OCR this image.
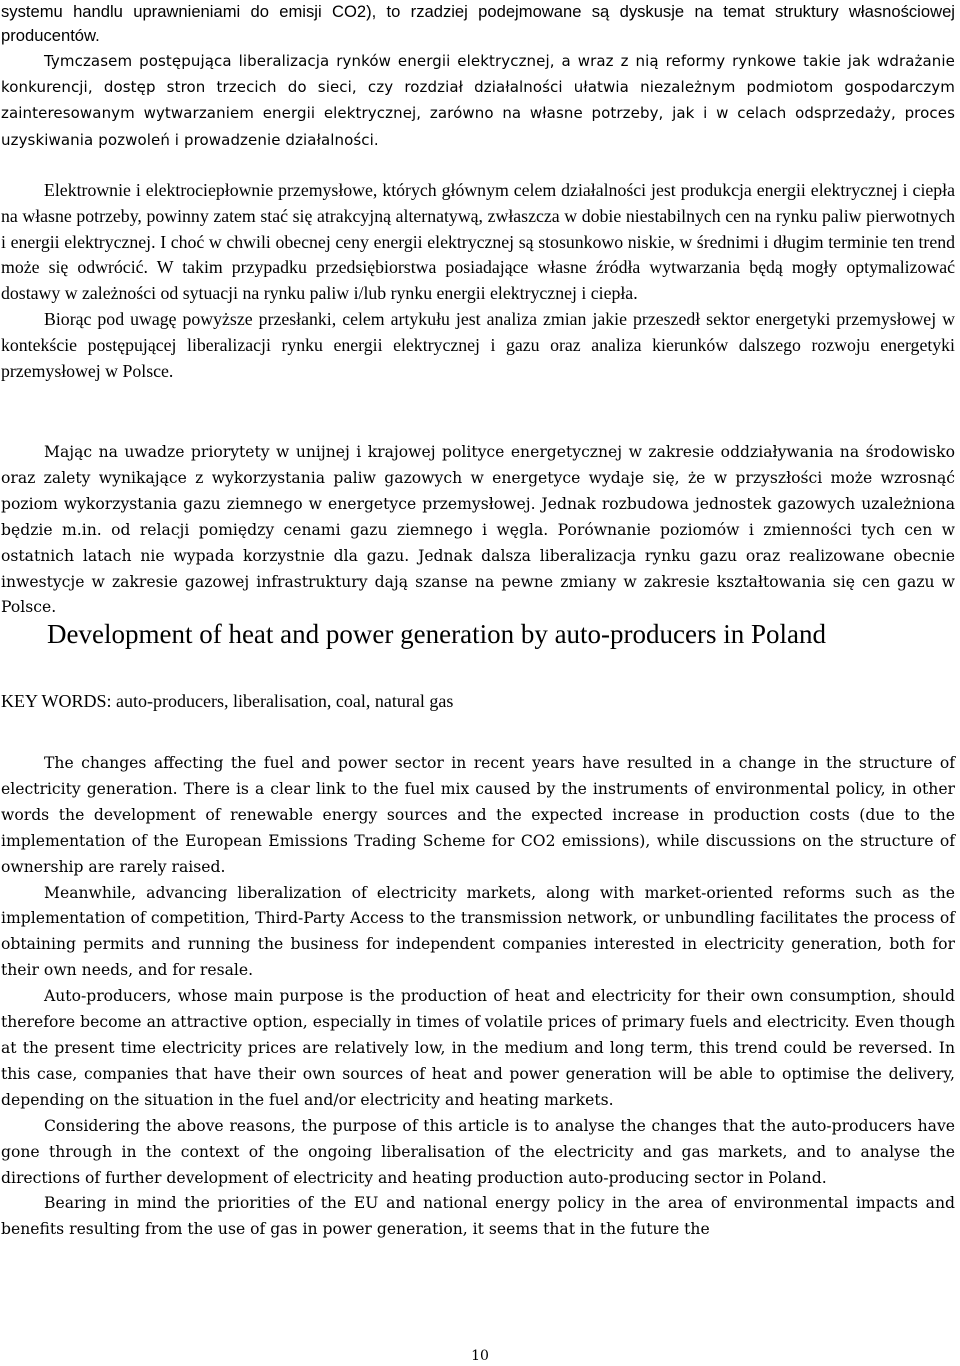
systemu handlu uprawnieniami do emisji CO2), to rzadziej podejmowane są dyskusje na temat struktury własnościowej producentów.

Tymczasem postępująca liberalizacja rynków energii elektrycznej, a wraz z nią reformy rynkowe takie jak wdrażanie konkurencji, dostęp stron trzecich do sieci, czy rozdział działalności ułatwia niezależnym podmiotom gospodarczym zainteresowanym wytwarzaniem energii elektrycznej, zarówno na własne potrzeby, jak i w celach odsprzedaży, proces uzyskiwania pozwoleń i prowadzenie działalności.

Elektrownie i elektrociepłownie przemysłowe, których głównym celem działalności jest produkcja energii elektrycznej i ciepła na własne potrzeby, powinny zatem stać się atrakcyjną alternatywą, zwłaszcza w dobie niestabilnych cen na rynku paliw pierwotnych i energii elektrycznej. I choć w chwili obecnej ceny energii elektrycznej są stosunkowo niskie, w średnimi i długim terminie ten trend może się odwrócić. W takim przypadku przedsiębiorstwa posiadające własne źródła wytwarzania będą mogły optymalizować dostawy w zależności od sytuacji na rynku paliw i/lub rynku energii elektrycznej i ciepła.

Biorąc pod uwagę powyższe przesłanki, celem artykułu jest analiza zmian jakie przeszedł sektor energetyki przemysłowej w kontekście postępującej liberalizacji rynku energii elektrycznej i gazu oraz analiza kierunków dalszego rozwoju energetyki przemysłowej w Polsce.

Mając na uwadze priorytety w unijnej i krajowej polityce energetycznej w zakresie oddziaływania na środowisko oraz zalety wynikające z wykorzystania paliw gazowych w energetyce wydaje się, że w przyszłości może wzrosnąć poziom wykorzystania gazu ziemnego w energetyce przemysłowej. Jednak rozbudowa jednostek gazowych uzależniona będzie m.in. od relacji pomiędzy cenami gazu ziemnego i węgla. Porównanie poziomów i zmienności tych cen w ostatnich latach nie wypada korzystnie dla gazu. Jednak dalsza liberalizacja rynku gazu oraz realizowane obecnie inwestycje w zakresie gazowej infrastruktury dają szanse na pewne zmiany w zakresie kształtowania się cen gazu w Polsce.

Development of heat and power generation by auto-producers in Poland
KEY WORDS: auto-producers, liberalisation, coal, natural gas

The changes affecting the fuel and power sector in recent years have resulted in a change in the structure of electricity generation. There is a clear link to the fuel mix caused by the instruments of environmental policy, in other words the development of renewable energy sources and the expected increase in production costs (due to the implementation of the European Emissions Trading Scheme for CO2 emissions), while discussions on the structure of ownership are rarely raised.

Meanwhile, advancing liberalization of electricity markets, along with market-oriented reforms such as the implementation of competition, Third-Party Access to the transmission network, or unbundling facilitates the process of obtaining permits and running the business for independent companies interested in electricity generation, both for their own needs, and for resale.

Auto-producers, whose main purpose is the production of heat and electricity for their own consumption, should therefore become an attractive option, especially in times of volatile prices of primary fuels and electricity. Even though at the present time electricity prices are relatively low, in the medium and long term, this trend could be reversed. In this case, companies that have their own sources of heat and power generation will be able to optimise the delivery, depending on the situation in the fuel and/or electricity and heating markets.

Considering the above reasons, the purpose of this article is to analyse the changes that the auto-producers have gone through in the context of the ongoing liberalisation of the electricity and gas markets, and to analyse the directions of further development of electricity and heating production auto-producing sector in Poland.

Bearing in mind the priorities of the EU and national energy policy in the area of environmental impacts and benefits resulting from the use of gas in power generation, it seems that in the future the

10
